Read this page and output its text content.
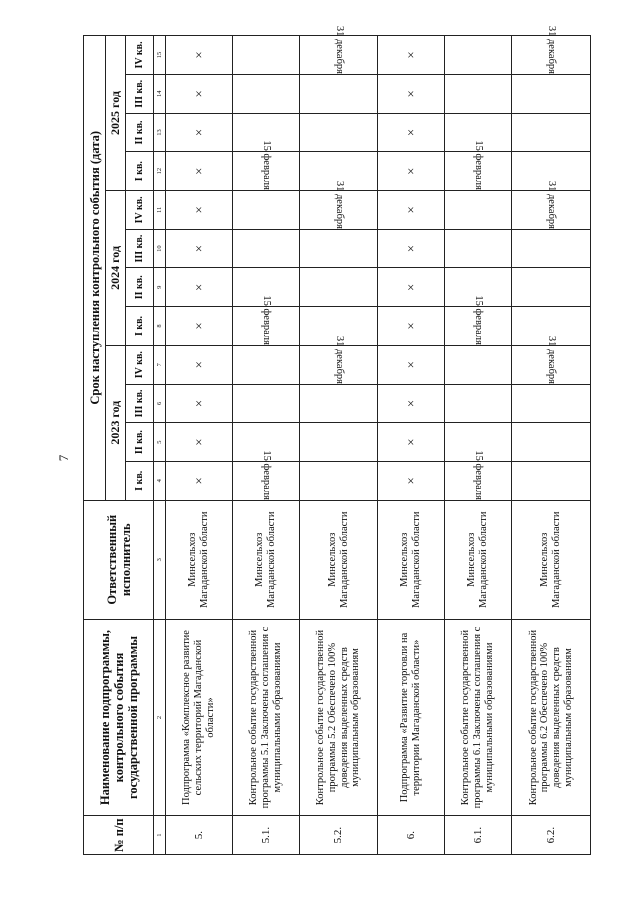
7
№ п/п	Наименование подпрограммы, контрольного события государственной программы	Ответственный исполнитель	Срок наступления контрольного события (дата)											
			2023 год				2024 год				2025 год			
			I кв.	II кв.	III кв.	IV кв.	I кв.	II кв.	III кв.	IV кв.	I кв.	II кв.	III кв.	IV кв.
1	2	3	4	5	6	7	8	9	10	11	12	13	14	15
5.	Подпрограмма «Комплексное развитие сельских территорий Магаданской области»	Минсельхоз Магаданской области	×	×	×	×	×	×	×	×	×	×	×	×
5.1.	Контрольное событие государственной программы 5.1 Заключены соглашения с муниципальными образованиями	Минсельхоз Магаданской области	15 февраля				15 февраля				15 февраля			
5.2.	Контрольное событие государственной программы 5.2 Обеспечено 100% доведения выделенных средств муниципальным образованиям	Минсельхоз Магаданской области				31 декабря				31 декабря				31 декабря
6.	Подпрограмма «Развитие торговли на территории Магаданской области»	Минсельхоз Магаданской области	×	×	×	×	×	×	×	×	×	×	×	×
6.1.	Контрольное событие государственной программы 6.1 Заключены соглашения с муниципальными образованиями	Минсельхоз Магаданской области	15 февраля				15 февраля				15 февраля			
6.2.	Контрольное событие государственной программы 6.2 Обеспечено 100% доведения выделенных средств муниципальным образованиям	Минсельхоз Магаданской области				31 декабря				31 декабря				31 декабря
